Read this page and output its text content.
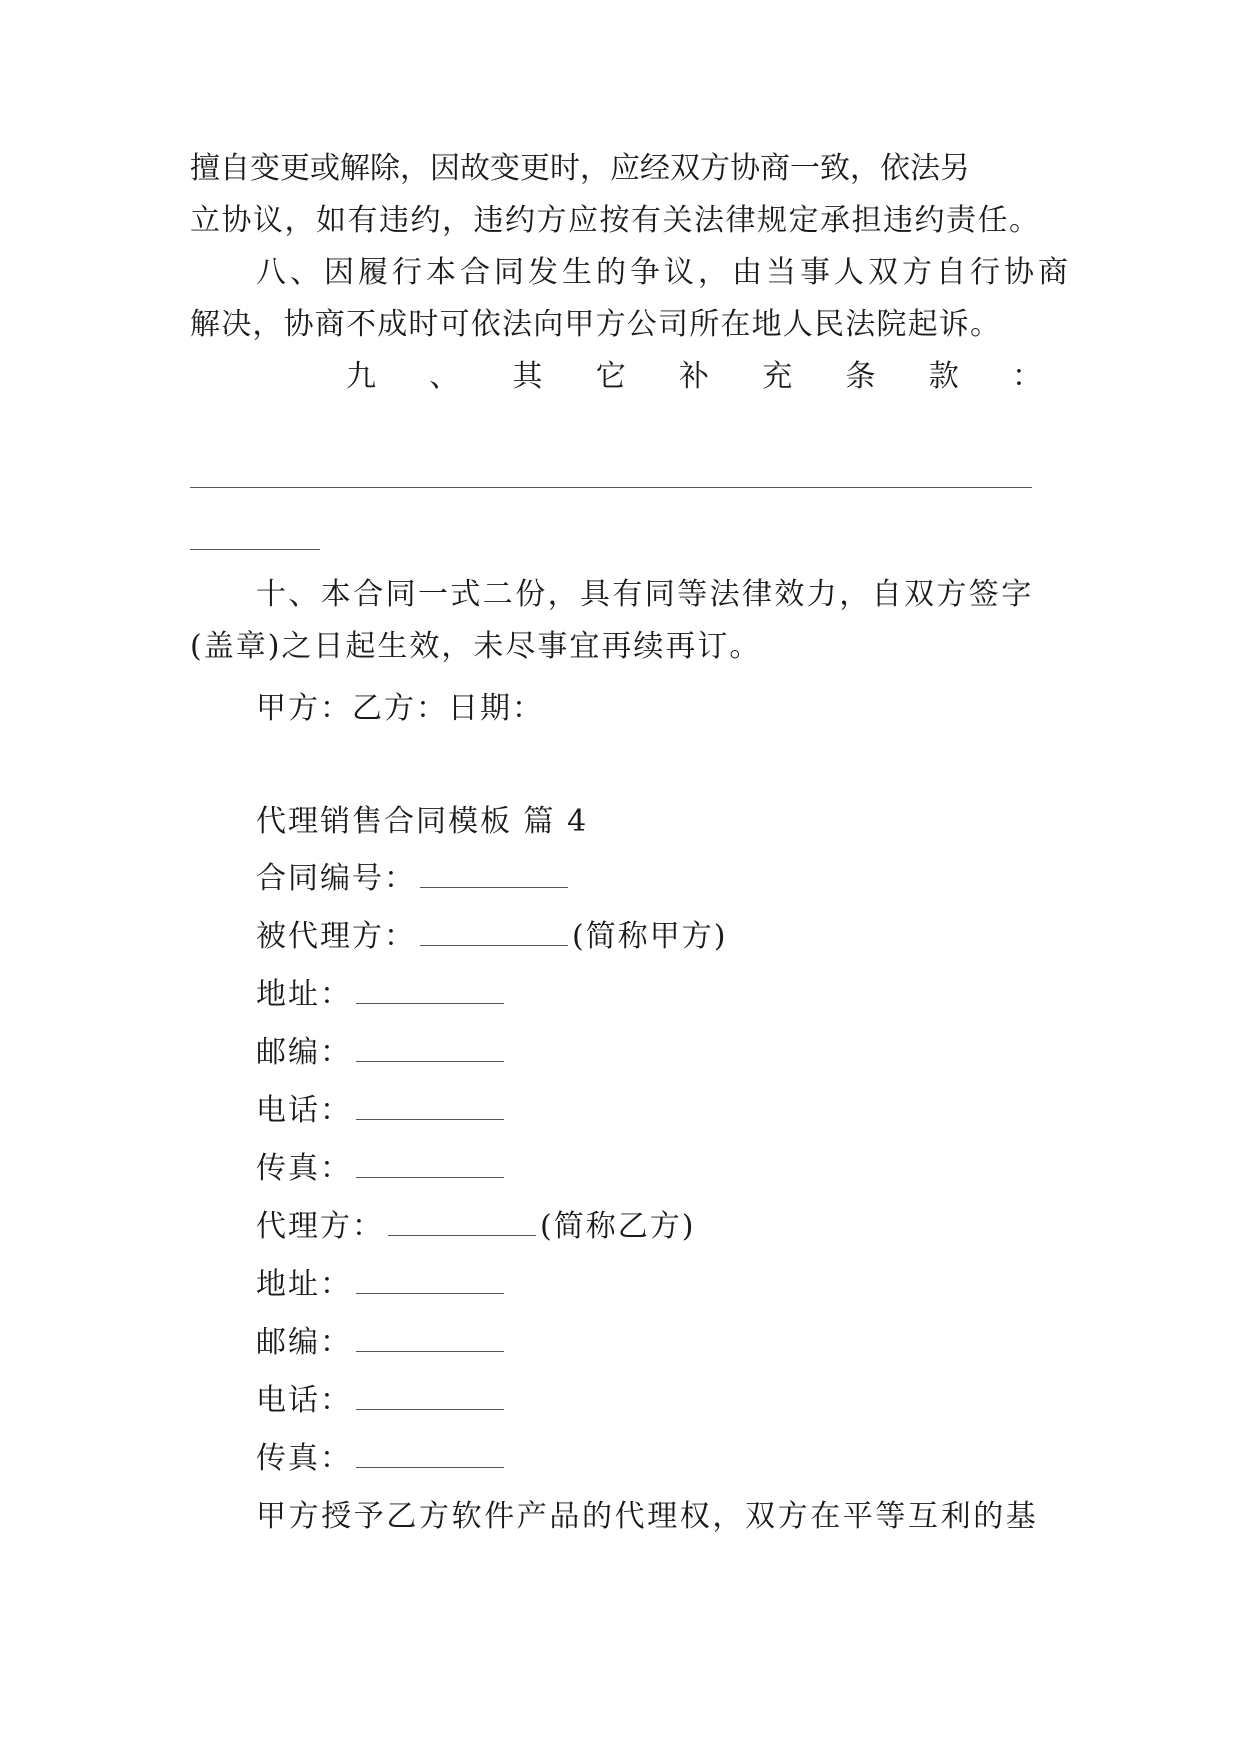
擅自变更或解除，因故变更时，应经双方协商一致，依法另
立协议，如有违约，违约方应按有关法律规定承担违约责任。
八、因履行本合同发生的争议，由当事人双方自行协商
解决，协商不成时可依法向甲方公司所在地人民法院起诉。
九 、 其 它 补 充 条 款 ：
十、本合同一式二份，具有同等法律效力，自双方签字
(盖章)之日起生效，未尽事宜再续再订。
甲方：乙方：日期：
代理销售合同模板 篇 4
合同编号：
被代理方：	(简称甲方)
地址：
邮编：
电话：
传真：
代理方：	(简称乙方)
地址：
邮编：
电话：
传真：
甲方授予乙方软件产品的代理权，双方在平等互利的基
